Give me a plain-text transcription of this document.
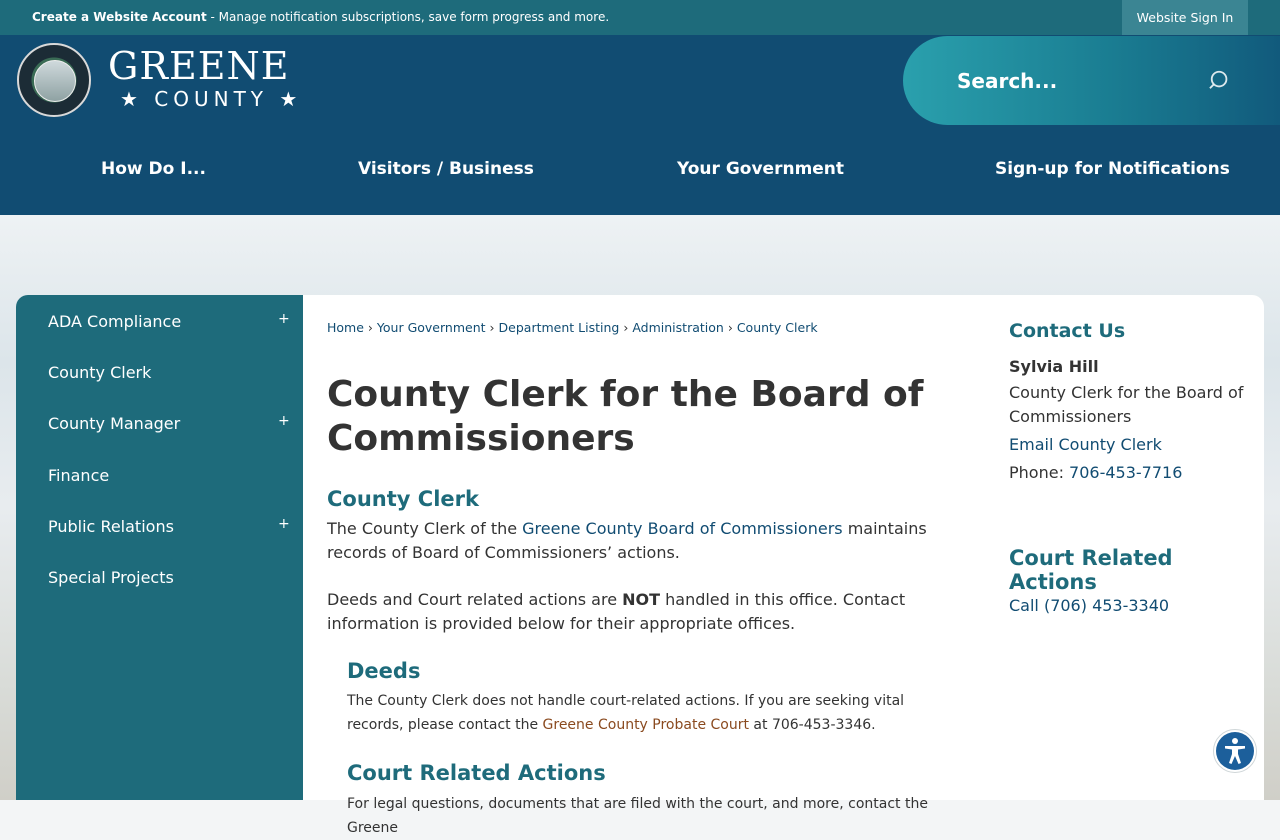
Create a Website Account - Manage notification subscriptions, save form progress and more.	Website Sign In
GREENE
★ COUNTY ★
Search...
How Do I...	Visitors / Business	Your Government	Sign-up for Notifications
ADA Compliance	+
County Clerk
County Manager	+
Finance
Public Relations	+
Special Projects
Home › Your Government › Department Listing › Administration › County Clerk
County Clerk for the Board of Commissioners
County Clerk
The County Clerk of the Greene County Board of Commissioners maintains records of Board of Commissioners’ actions.
Deeds and Court related actions are NOT handled in this office. Contact information is provided below for their appropriate offices.
Deeds
The County Clerk does not handle court-related actions. If you are seeking vital records, please contact the Greene County Probate Court at 706-453-3346.
Court Related Actions
For legal questions, documents that are filed with the court, and more, contact the Greene
Contact Us
Sylvia Hill
County Clerk for the Board of Commissioners
Email County Clerk
Phone: 706-453-7716
Court Related Actions
Call (706) 453-3340
